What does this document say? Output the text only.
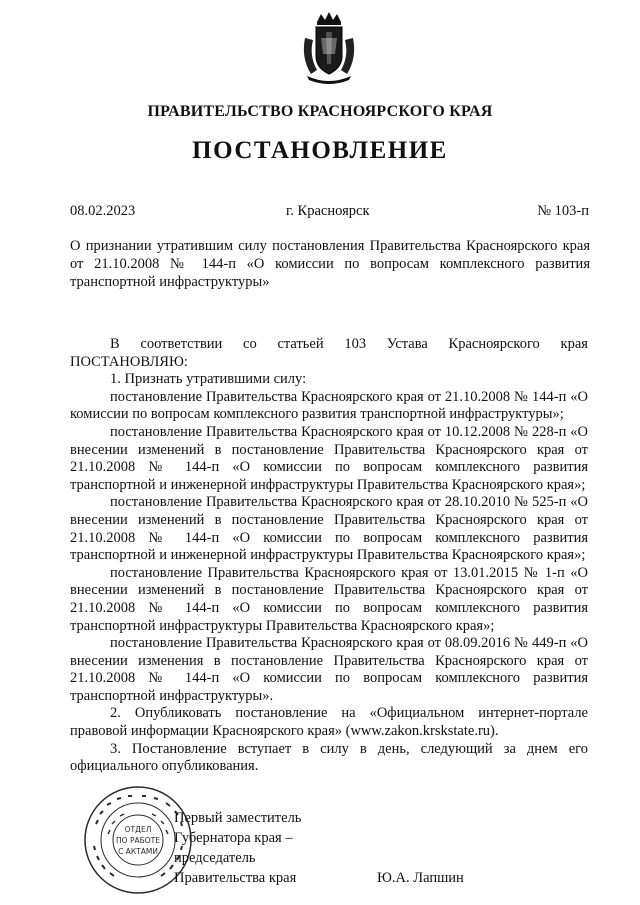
ПРАВИТЕЛЬСТВО КРАСНОЯРСКОГО КРАЯ
ПОСТАНОВЛЕНИЕ
08.02.2023	г. Красноярск	№ 103-п

О признании утратившим силу постановления Правительства Красноярского края от 21.10.2008 № 144-п «О комиссии по вопросам комплексного развития транспортной инфраструктуры»

В соответствии со статьей 103 Устава Красноярского края

ПОСТАНОВЛЯЮ:

1. Признать утратившими силу:

постановление Правительства Красноярского края от 21.10.2008 № 144-п «О комиссии по вопросам комплексного развития транспортной инфраструктуры»;

постановление Правительства Красноярского края от 10.12.2008 № 228-п «О внесении изменений в постановление Правительства Красноярского края от 21.10.2008 № 144-п «О комиссии по вопросам комплексного развития транспортной и инженерной инфраструктуры Правительства Красноярского края»;

постановление Правительства Красноярского края от 28.10.2010 № 525-п «О внесении изменений в постановление Правительства Красноярского края от 21.10.2008 № 144-п «О комиссии по вопросам комплексного развития транспортной и инженерной инфраструктуры Правительства Красноярского края»;

постановление Правительства Красноярского края от 13.01.2015 № 1-п «О внесении изменений в постановление Правительства Красноярского края от 21.10.2008 № 144-п «О комиссии по вопросам комплексного развития транспортной инфраструктуры Правительства Красноярского края»;

постановление Правительства Красноярского края от 08.09.2016 № 449-п «О внесении изменения в постановление Правительства Красноярского края от 21.10.2008 № 144-п «О комиссии по вопросам комплексного развития транспортной инфраструктуры».

2. Опубликовать постановление на «Официальном интернет-портале правовой информации Красноярского края» (www.zakon.krskstate.ru).

3. Постановление вступает в силу в день, следующий за днем его официального опубликования.

ОТДЕЛ
ПО РАБОТЕ
С АКТАМИ
Первый заместитель
Губернатора края –
председатель
Правительства края	Ю.А. Лапшин
